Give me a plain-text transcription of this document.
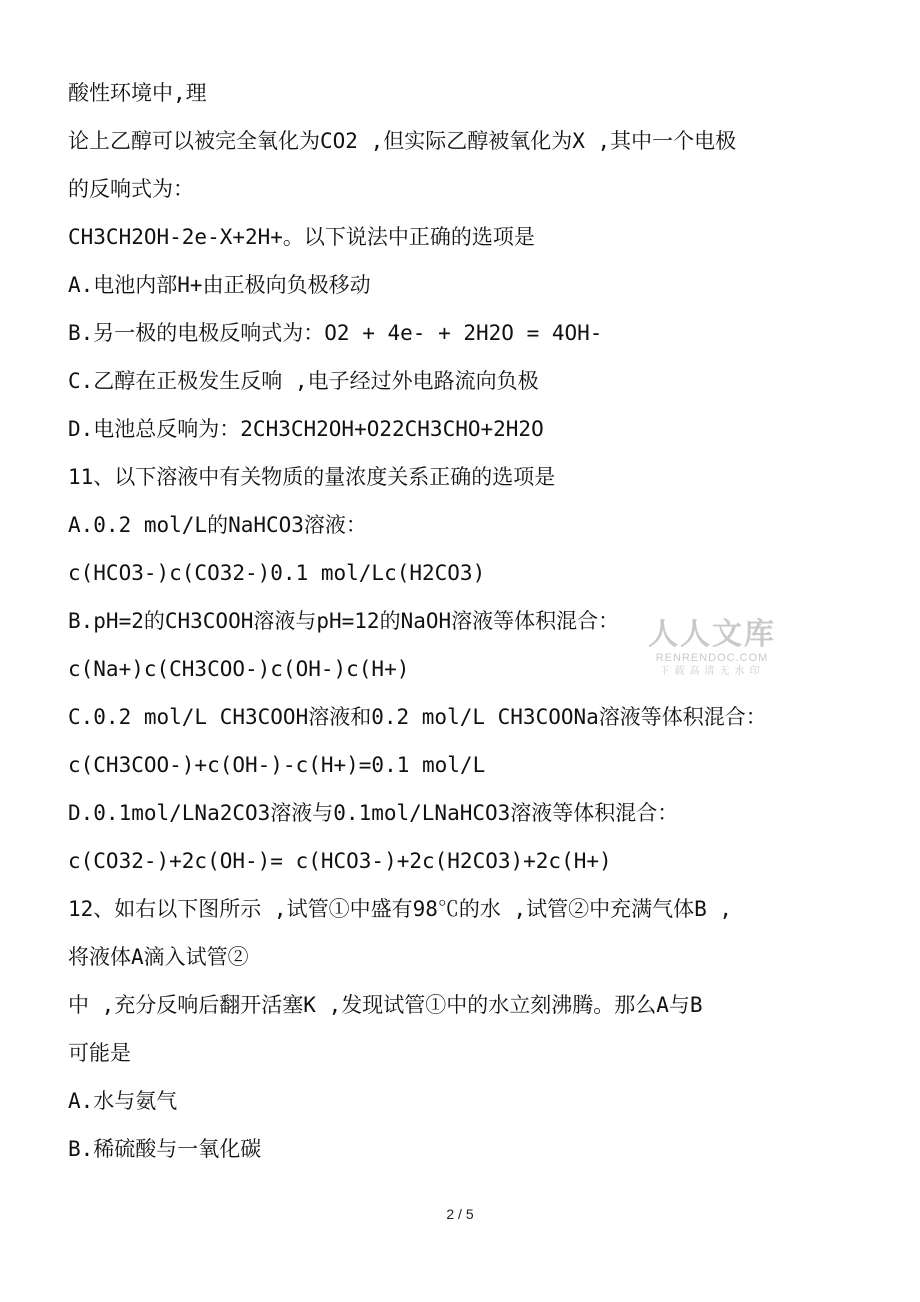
酸性环境中,理
论上乙醇可以被完全氧化为CO2 ,但实际乙醇被氧化为X ,其中一个电极
的反响式为：
CH3CH2OH-2e-X+2H+。以下说法中正确的选项是
A.电池内部H+由正极向负极移动
B.另一极的电极反响式为：O2 + 4e- + 2H2O = 4OH-
C.乙醇在正极发生反响 ,电子经过外电路流向负极
D.电池总反响为：2CH3CH2OH+O22CH3CHO+2H2O
11、以下溶液中有关物质的量浓度关系正确的选项是
A.0.2 mol/L的NaHCO3溶液：
c(HCO3-)c(CO32-)0.1 mol/Lc(H2CO3)
B.pH=2的CH3COOH溶液与pH=12的NaOH溶液等体积混合：
c(Na+)c(CH3COO-)c(OH-)c(H+)
C.0.2 mol/L CH3COOH溶液和0.2 mol/L CH3COONa溶液等体积混合：
c(CH3COO-)+c(OH-)-c(H+)=0.1 mol/L
D.0.1mol/LNa2CO3溶液与0.1mol/LNaHCO3溶液等体积混合：
c(CO32-)+2c(OH-)= c(HCO3-)+2c(H2CO3)+2c(H+)
12、如右以下图所示 ,试管①中盛有98℃的水 ,试管②中充满气体B ,
将液体A滴入试管②
中 ,充分反响后翻开活塞K ,发现试管①中的水立刻沸腾。那么A与B
可能是
A.水与氨气
B.稀硫酸与一氧化碳
人人文库
RENRENDOC.COM
下载高清无水印
2 / 5
